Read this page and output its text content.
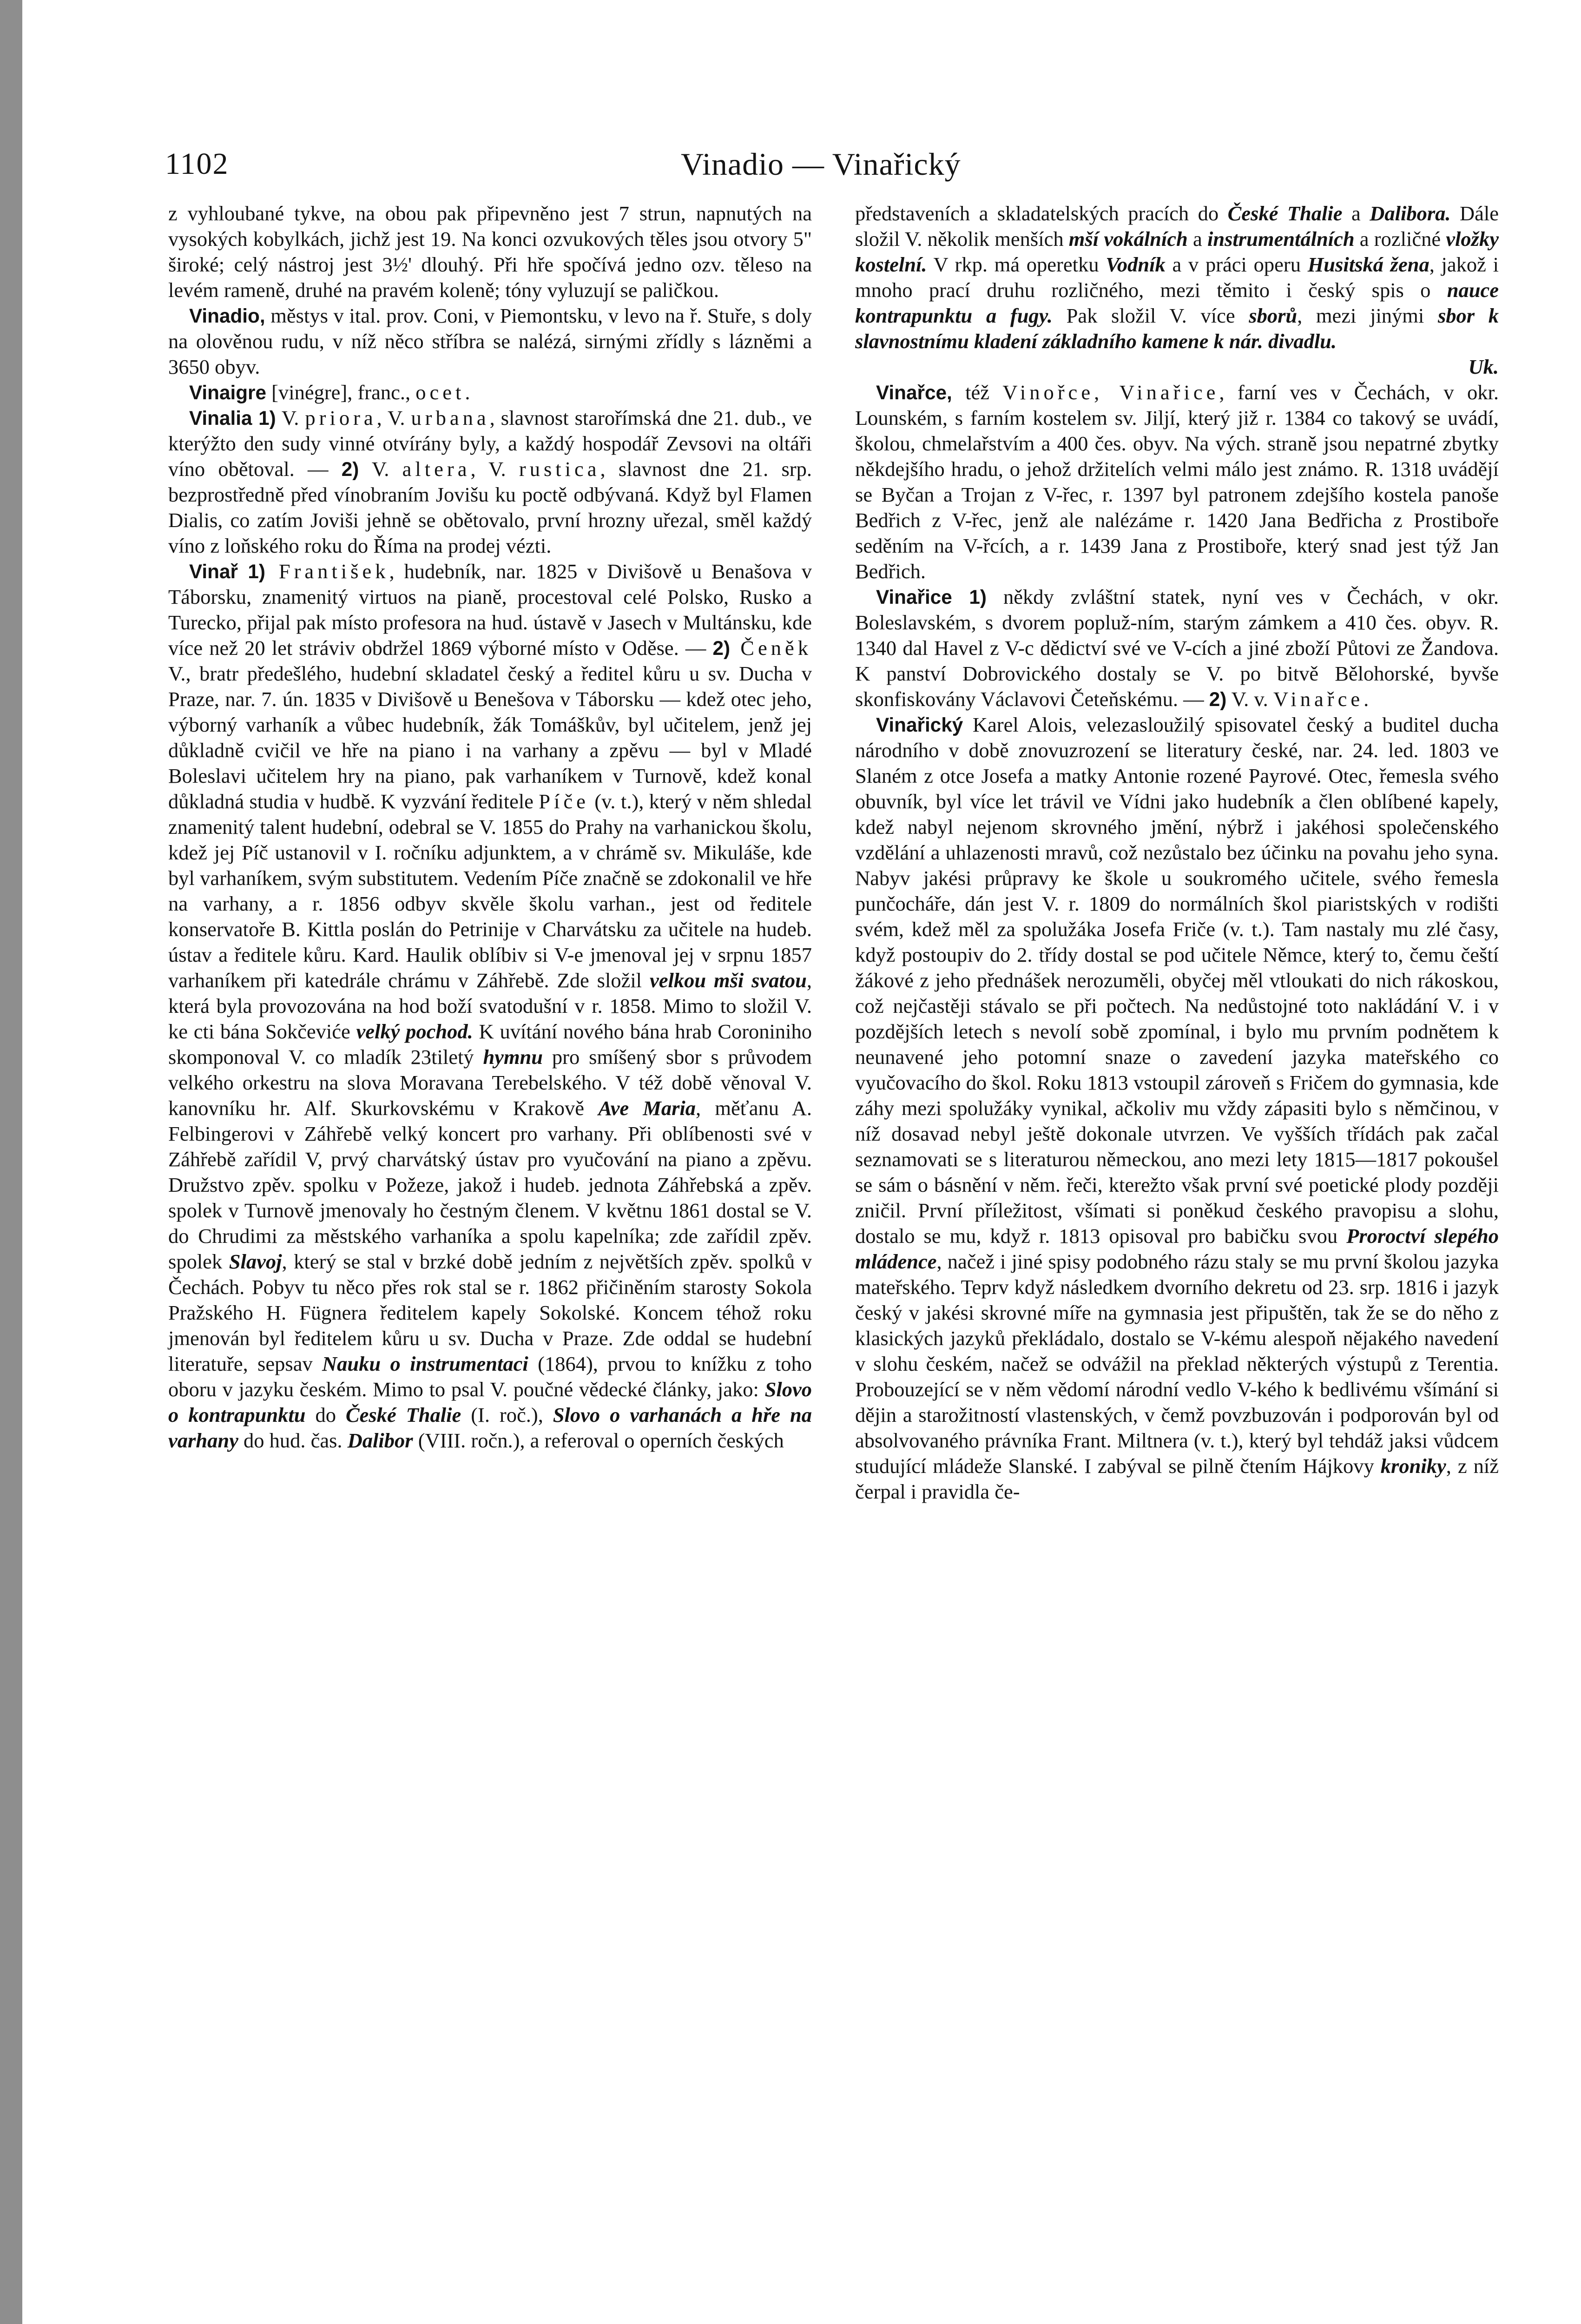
1102	Vinadio — Vinařický

z vyhloubané tykve, na obou pak připevněno jest 7 strun, napnutých na vysokých kobylkách, jichž jest 19. Na konci ozvukových těles jsou otvory 5" široké; celý nástroj jest 3½' dlouhý. Při hře spočívá jedno ozv. těleso na levém rameně, druhé na pravém koleně; tóny vyluzují se paličkou.

Vinadio, městys v ital. prov. Coni, v Piemontsku, v levo na ř. Stuře, s doly na olověnou rudu, v níž něco stříbra se nalézá, sirnými zřídly s lázněmi a 3650 obyv.

Vinaigre [vinégre], franc., ocet.

Vinalia 1) V. priora, V. urbana, slavnost starořímská dne 21. dub., ve kterýžto den sudy vinné otvírány byly, a každý hospodář Zevsovi na oltáři víno obětoval. — 2) V. altera, V. rustica, slavnost dne 21. srp. bezprostředně před vínobraním Jovišu ku poctě odbývaná. Když byl Flamen Dialis, co zatím Joviši jehně se obětovalo, první hrozny uřezal, směl každý víno z loňského roku do Říma na prodej vézti.

Vinař 1) František, hudebník, nar. 1825 v Divišově u Benašova v Táborsku, znamenitý virtuos na pianě, procestoval celé Polsko, Rusko a Turecko, přijal pak místo profesora na hud. ústavě v Jasech v Multánsku, kde více než 20 let stráviv obdržel 1869 výborné místo v Oděse. — 2) Čeněk V., bratr předešlého, hudební skladatel český a ředitel kůru u sv. Ducha v Praze, nar. 7. ún. 1835 v Divišově u Benešova v Táborsku — kdež otec jeho, výborný varhaník a vůbec hudebník, žák Tomáškův, byl učitelem, jenž jej důkladně cvičil ve hře na piano i na varhany a zpěvu — byl v Mladé Boleslavi učitelem hry na piano, pak varhaníkem v Turnově, kdež konal důkladná studia v hudbě. K vyzvání ředitele Píče (v. t.), který v něm shledal znamenitý talent hudební, odebral se V. 1855 do Prahy na varhanickou školu, kdež jej Píč ustanovil v I. ročníku adjunktem, a v chrámě sv. Mikuláše, kde byl varhaníkem, svým substitutem. Vedením Píče značně se zdokonalil ve hře na varhany, a r. 1856 odbyv skvěle školu varhan., jest od ředitele konservatoře B. Kittla poslán do Petrinije v Charvátsku za učitele na hudeb. ústav a ředitele kůru. Kard. Haulik oblíbiv si V-e jmenoval jej v srpnu 1857 varhaníkem při katedrále chrámu v Záhřebě. Zde složil velkou mši svatou, která byla provozována na hod boží svatodušní v r. 1858. Mimo to složil V. ke cti bána Sokčeviće velký pochod. K uvítání nového bána hrab Coroniniho skomponoval V. co mladík 23tiletý hymnu pro smíšený sbor s průvodem velkého orkestru na slova Moravana Terebelského. V též době věnoval V. kanovníku hr. Alf. Skurkovskému v Krakově Ave Maria, měťanu A. Felbingerovi v Záhřebě velký koncert pro varhany. Při oblíbenosti své v Záhřebě zařídil V, prvý charvátský ústav pro vyučování na piano a zpěvu. Družstvo zpěv. spolku v Požeze, jakož i hudeb. jednota Záhřebská a zpěv. spolek v Turnově jmenovaly ho čestným členem. V květnu 1861 dostal se V. do Chrudimi za městského varhaníka a spolu kapelníka; zde zařídil zpěv. spolek Slavoj, který se stal v brzké době jedním z největších zpěv. spolků v Čechách. Pobyv tu něco přes rok stal se r. 1862 přičiněním starosty Sokola Pražského H. Fügnera ředitelem kapely Sokolské. Koncem téhož roku jmenován byl ředitelem kůru u sv. Ducha v Praze. Zde oddal se hudební literatuře, sepsav Nauku o instrumentaci (1864), prvou to knížku z toho oboru v jazyku českém. Mimo to psal V. poučné vědecké články, jako: Slovo o kontrapunktu do České Thalie (I. roč.), Slovo o varhanách a hře na varhany do hud. čas. Dalibor (VIII. ročn.), a referoval o operních českých

představeních a skladatelských pracích do České Thalie a Dalibora. Dále složil V. několik menších mší vokálních a instrumentálních a rozličné vložky kostelní. V rkp. má operetku Vodník a v práci operu Husitská žena, jakož i mnoho prací druhu rozličného, mezi těmito i český spis o nauce kontrapunktu a fugy. Pak složil V. více sborů, mezi jinými sbor k slavnostnímu kladení základního kamene k nár. divadlu.

Uk.

Vinařce, též Vinořce, Vinařice, farní ves v Čechách, v okr. Lounském, s farním kostelem sv. Jiljí, který již r. 1384 co takový se uvádí, školou, chmelařstvím a 400 čes. obyv. Na vých. straně jsou nepatrné zbytky někdejšího hradu, o jehož držitelích velmi málo jest známo. R. 1318 uvádějí se Byčan a Trojan z V-řec, r. 1397 byl patronem zdejšího kostela panoše Bedřich z V-řec, jenž ale nalézáme r. 1420 Jana Bedřicha z Prostiboře seděním na V-řcích, a r. 1439 Jana z Prostiboře, který snad jest týž Jan Bedřich.

Vinařice 1) někdy zvláštní statek, nyní ves v Čechách, v okr. Boleslavském, s dvorem popluž-ním, starým zámkem a 410 čes. obyv. R. 1340 dal Havel z V-c dědictví své ve V-cích a jiné zboží Půtovi ze Žandova. K panství Dobrovického dostaly se V. po bitvě Bělohorské, byvše skonfiskovány Václavovi Četeňskému. — 2) V. v. Vinařce.

Vinařický Karel Alois, velezasloužilý spisovatel český a buditel ducha národního v době znovuzrození se literatury české, nar. 24. led. 1803 ve Slaném z otce Josefa a matky Antonie rozené Payrové. Otec, řemesla svého obuvník, byl více let trávil ve Vídni jako hudebník a člen oblíbené kapely, kdež nabyl nejenom skrovného jmění, nýbrž i jakéhosi společenského vzdělání a uhlazenosti mravů, což nezůstalo bez účinku na povahu jeho syna. Nabyv jakési průpravy ke škole u soukromého učitele, svého řemesla punčocháře, dán jest V. r. 1809 do normálních škol piaristských v rodišti svém, kdež měl za spolužáka Josefa Friče (v. t.). Tam nastaly mu zlé časy, když postoupiv do 2. třídy dostal se pod učitele Němce, který to, čemu čeští žákové z jeho přednášek nerozuměli, obyčej měl vtloukati do nich rákoskou, což nejčastěji stávalo se při počtech. Na nedůstojné toto nakládání V. i v pozdějších letech s nevolí sobě zpomínal, i bylo mu prvním podnětem k neunavené jeho potomní snaze o zavedení jazyka mateřského co vyučovacího do škol. Roku 1813 vstoupil zároveň s Fričem do gymnasia, kde záhy mezi spolužáky vynikal, ačkoliv mu vždy zápasiti bylo s němčinou, v níž dosavad nebyl ještě dokonale utvrzen. Ve vyšších třídách pak začal seznamovati se s literaturou německou, ano mezi lety 1815—1817 pokoušel se sám o básnění v něm. řeči, kterežto však první své poetické plody později zničil. První příležitost, všímati si poněkud českého pravopisu a slohu, dostalo se mu, když r. 1813 opisoval pro babičku svou Proroctví slepého mládence, načež i jiné spisy podobného rázu staly se mu první školou jazyka mateřského. Teprv když následkem dvorního dekretu od 23. srp. 1816 i jazyk český v jakési skrovné míře na gymnasia jest připuštěn, tak že se do něho z klasických jazyků překládalo, dostalo se V-kému alespoň nějakého navedení v slohu českém, načež se odvážil na překlad některých výstupů z Terentia. Probouzející se v něm vědomí národní vedlo V-kého k bedlivému všímání si dějin a starožitností vlastenských, v čemž povzbuzován i podporován byl od absolvovaného právníka Frant. Miltnera (v. t.), který byl tehdáž jaksi vůdcem studující mládeže Slanské. I zabýval se pilně čtením Hájkovy kroniky, z níž čerpal i pravidla če-
